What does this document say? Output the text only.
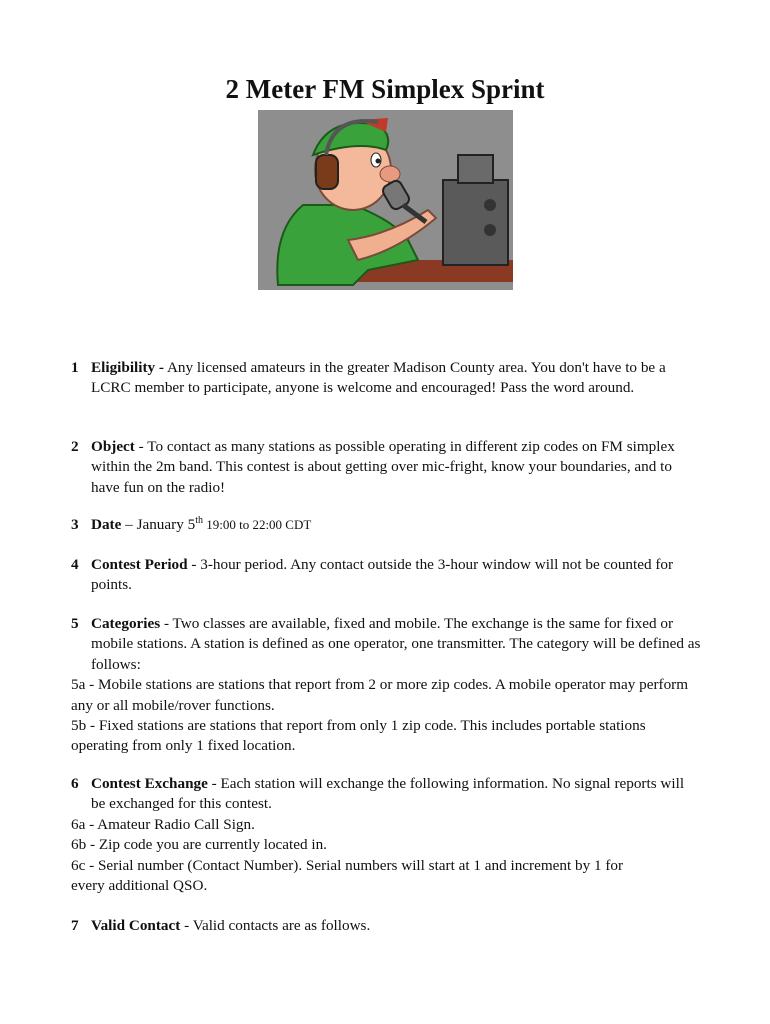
2 Meter FM Simplex Sprint
1 Eligibility - Any licensed amateurs in the greater Madison County area. You don't have to be a LCRC member to participate, anyone is welcome and encouraged! Pass the word around.
2 Object - To contact as many stations as possible operating in different zip codes on FM simplex within the 2m band. This contest is about getting over mic-fright, know your boundaries, and to have fun on the radio!
3 Date – January 5th 19:00 to 22:00 CDT
4 Contest Period - 3-hour period. Any contact outside the 3-hour window will not be counted for points.
5 Categories - Two classes are available, fixed and mobile. The exchange is the same for fixed or mobile stations. A station is defined as one operator, one transmitter. The category will be defined as follows:

5a - Mobile stations are stations that report from 2 or more zip codes. A mobile operator may perform any or all mobile/rover functions.

5b - Fixed stations are stations that report from only 1 zip code. This includes portable stations operating from only 1 fixed location.

6 Contest Exchange - Each station will exchange the following information. No signal reports will be exchanged for this contest.

6a - Amateur Radio Call Sign.

6b - Zip code you are currently located in.

6c - Serial number (Contact Number). Serial numbers will start at 1 and increment by 1 for every additional QSO.

7 Valid Contact - Valid contacts are as follows.
